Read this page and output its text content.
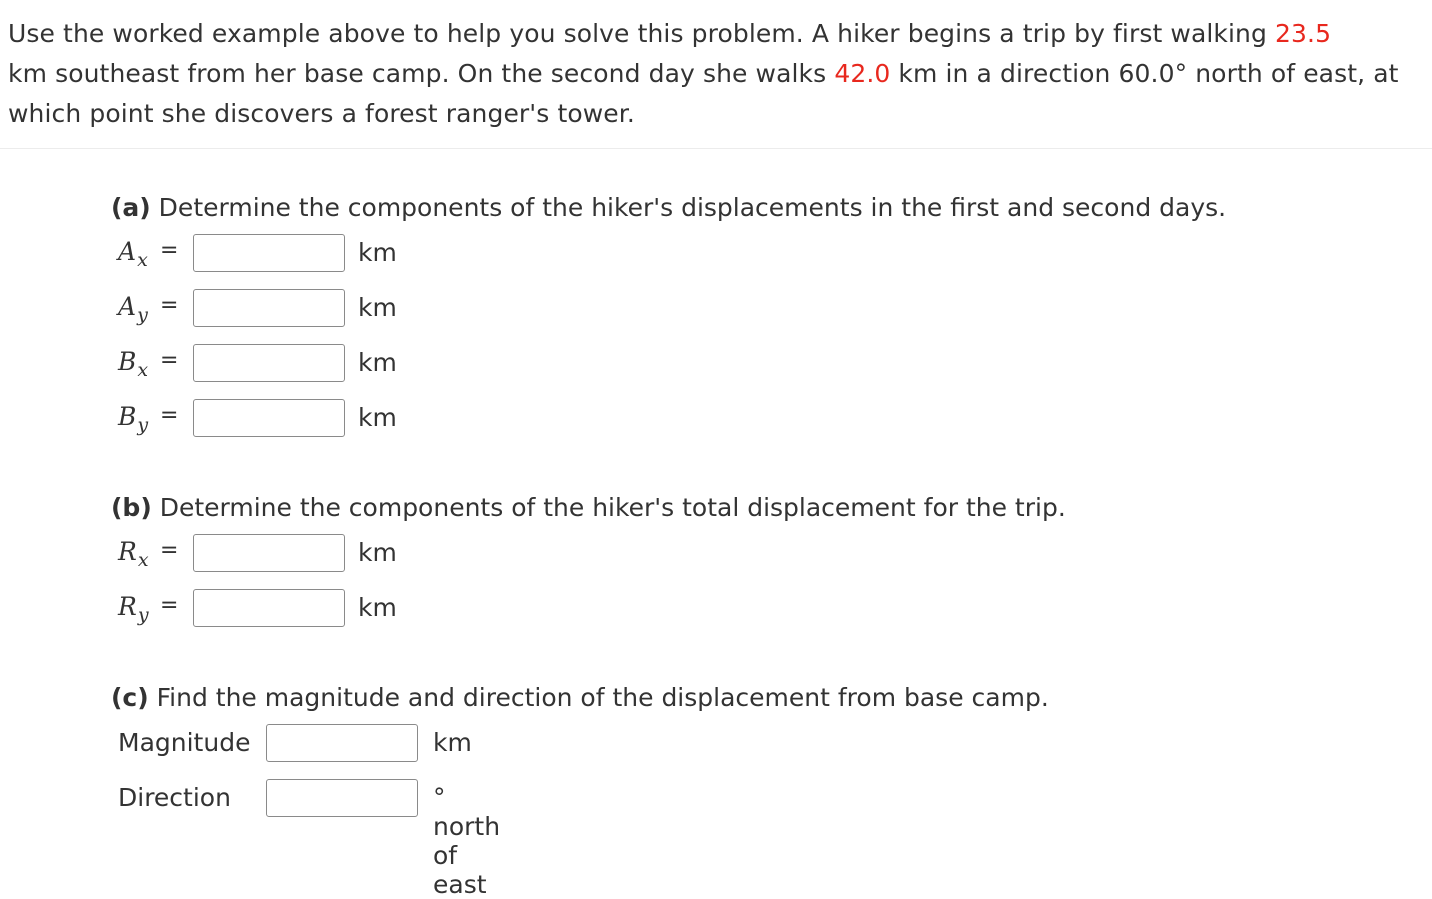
Use the worked example above to help you solve this problem. A hiker begins a trip by first walking 23.5
km southeast from her base camp. On the second day she walks 42.0 km in a direction 60.0° north of east, at which point she discovers a forest ranger's tower.
(a) Determine the components of the hiker's displacements in the first and second days.
$A_x$ =	km
$A_y$ =	km
$B_x$ =	km
$B_y$ =	km
(b) Determine the components of the hiker's total displacement for the trip.
$R_x$ =	km
$R_y$ =	km
(c) Find the magnitude and direction of the displacement from base camp.
Magnitude	km
Direction	° north of east
